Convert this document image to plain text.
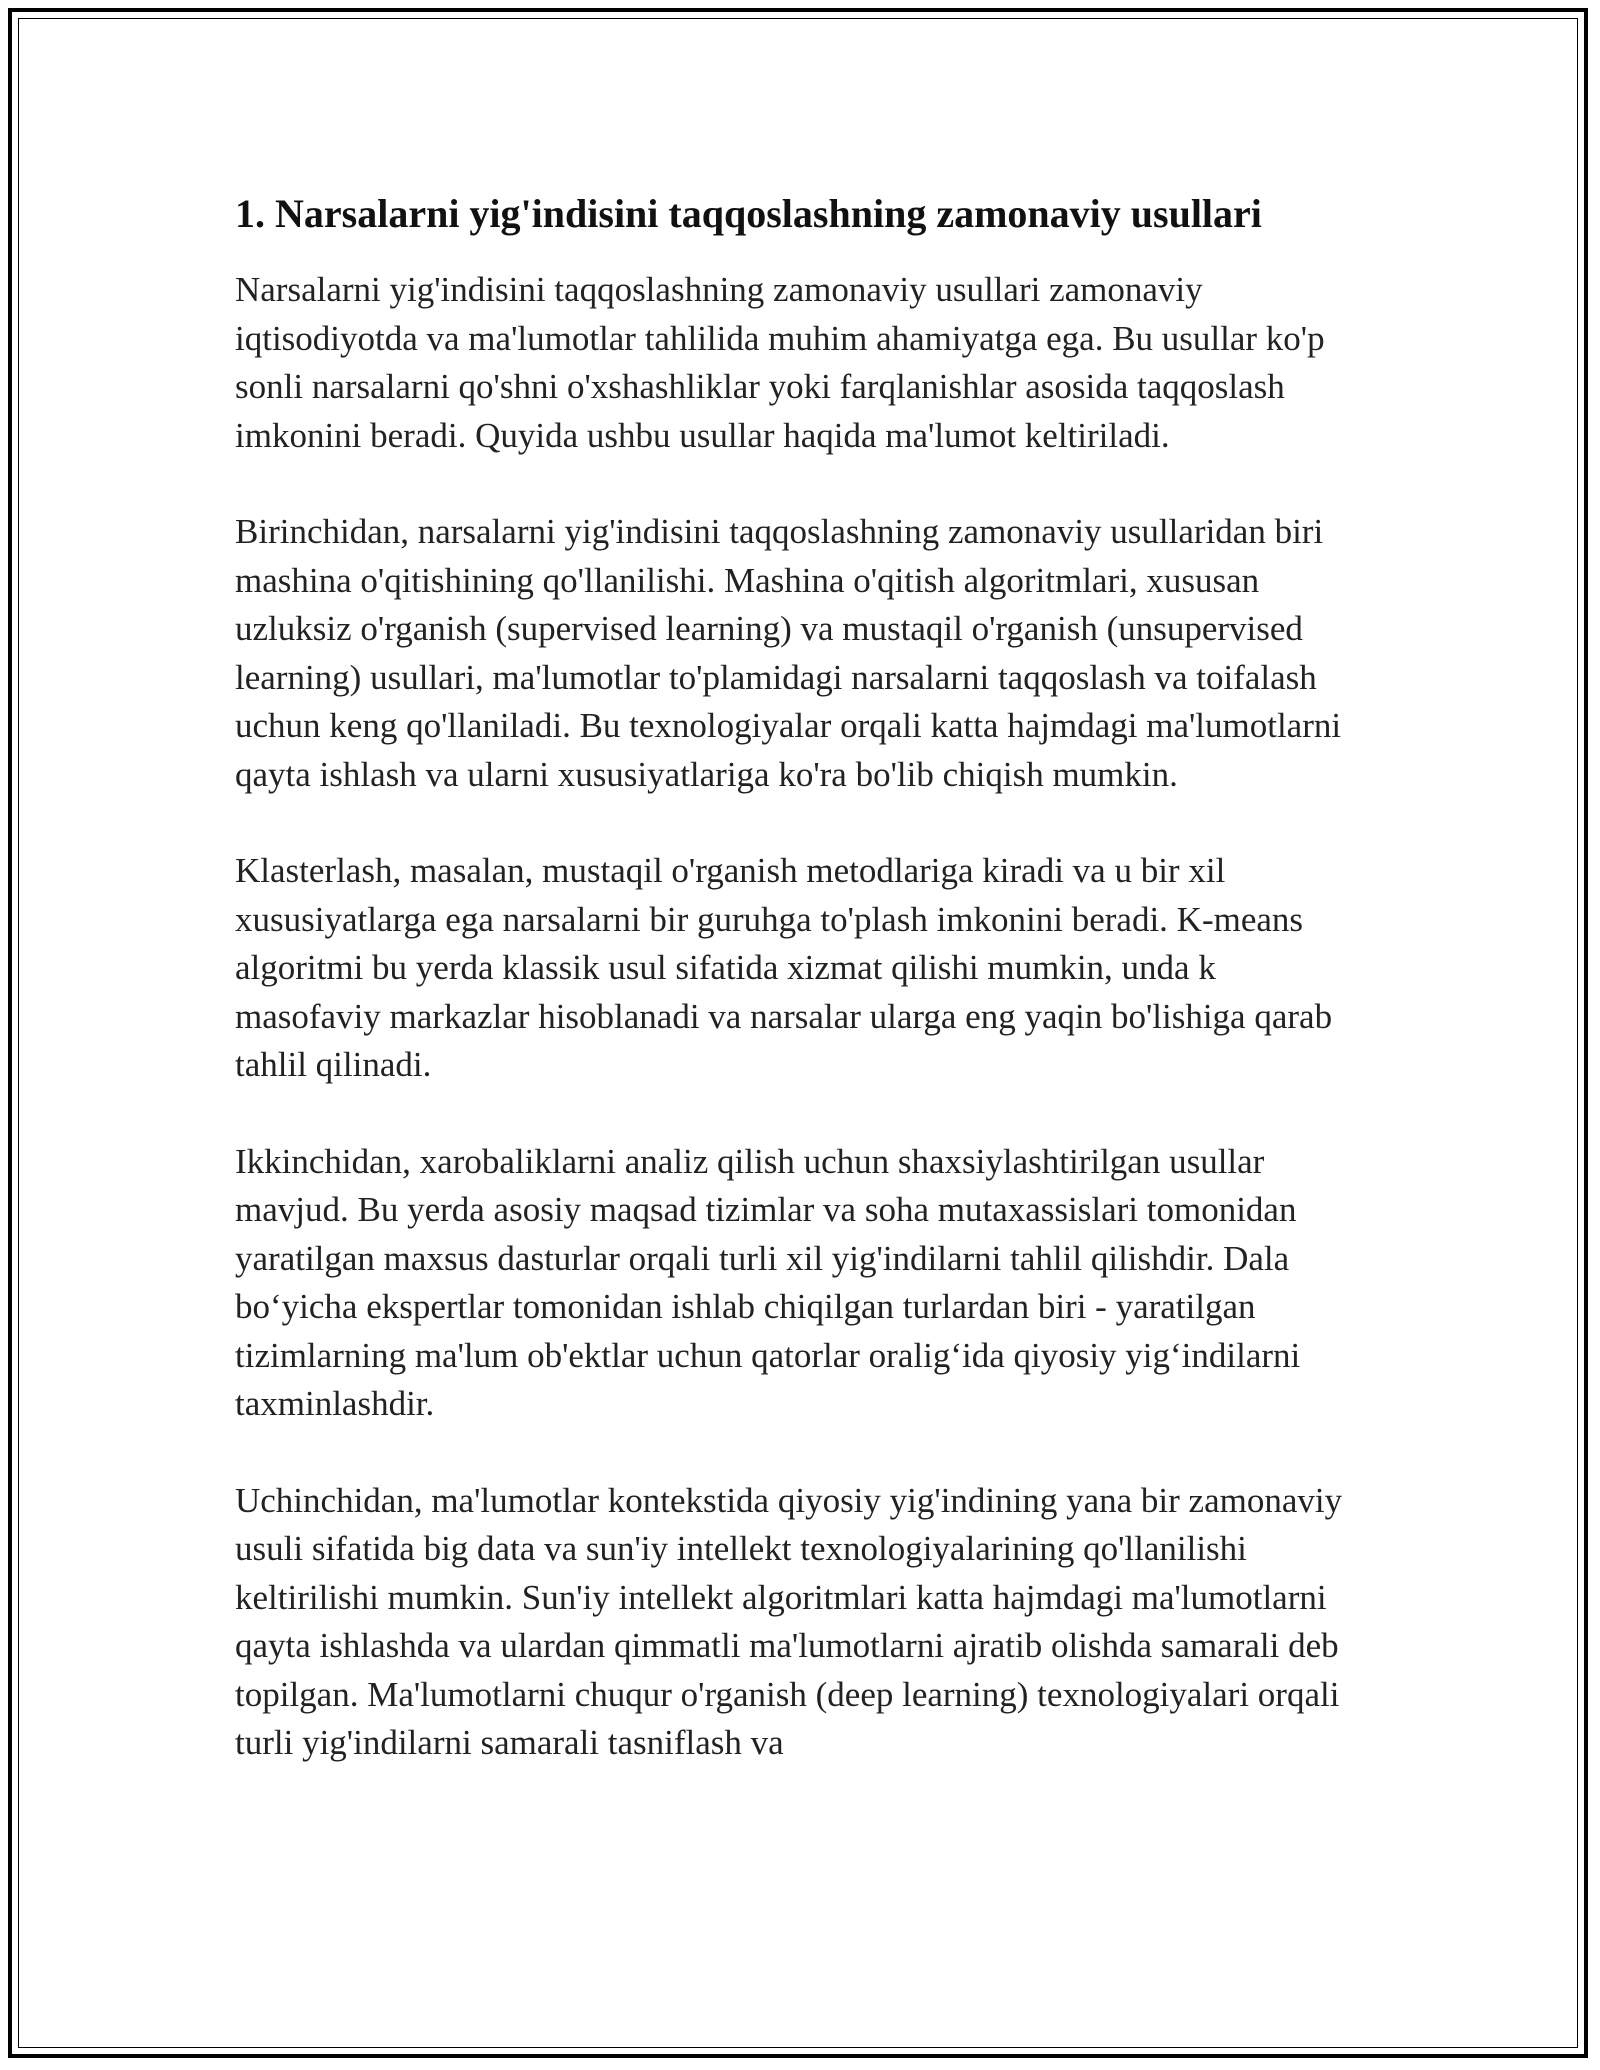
1. Narsalarni yig'indisini taqqoslashning zamonaviy usullari

Narsalarni yig'indisini taqqoslashning zamonaviy usullari zamonaviy iqtisodiyotda va ma'lumotlar tahlilida muhim ahamiyatga ega. Bu usullar ko'p sonli narsalarni qo'shni o'xshashliklar yoki farqlanishlar asosida taqqoslash imkonini beradi. Quyida ushbu usullar haqida ma'lumot keltiriladi.

Birinchidan, narsalarni yig'indisini taqqoslashning zamonaviy usullaridan biri mashina o'qitishining qo'llanilishi. Mashina o'qitish algoritmlari, xususan uzluksiz o'rganish (supervised learning) va mustaqil o'rganish (unsupervised learning) usullari, ma'lumotlar to'plamidagi narsalarni taqqoslash va toifalash uchun keng qo'llaniladi. Bu texnologiyalar orqali katta hajmdagi ma'lumotlarni qayta ishlash va ularni xususiyatlariga ko'ra bo'lib chiqish mumkin.

Klasterlash, masalan, mustaqil o'rganish metodlariga kiradi va u bir xil xususiyatlarga ega narsalarni bir guruhga to'plash imkonini beradi. K-means algoritmi bu yerda klassik usul sifatida xizmat qilishi mumkin, unda k masofaviy markazlar hisoblanadi va narsalar ularga eng yaqin bo'lishiga qarab tahlil qilinadi.

Ikkinchidan, xarobaliklarni analiz qilish uchun shaxsiylashtirilgan usullar mavjud. Bu yerda asosiy maqsad tizimlar va soha mutaxassislari tomonidan yaratilgan maxsus dasturlar orqali turli xil yig'indilarni tahlil qilishdir. Dala bo‘yicha ekspertlar tomonidan ishlab chiqilgan turlardan biri - yaratilgan tizimlarning ma'lum ob'ektlar uchun qatorlar oralig‘ida qiyosiy yig‘indilarni taxminlashdir.

Uchinchidan, ma'lumotlar kontekstida qiyosiy yig'indining yana bir zamonaviy usuli sifatida big data va sun'iy intellekt texnologiyalarining qo'llanilishi keltirilishi mumkin. Sun'iy intellekt algoritmlari katta hajmdagi ma'lumotlarni qayta ishlashda va ulardan qimmatli ma'lumotlarni ajratib olishda samarali deb topilgan. Ma'lumotlarni chuqur o'rganish (deep learning) texnologiyalari orqali turli yig'indilarni samarali tasniflash va
